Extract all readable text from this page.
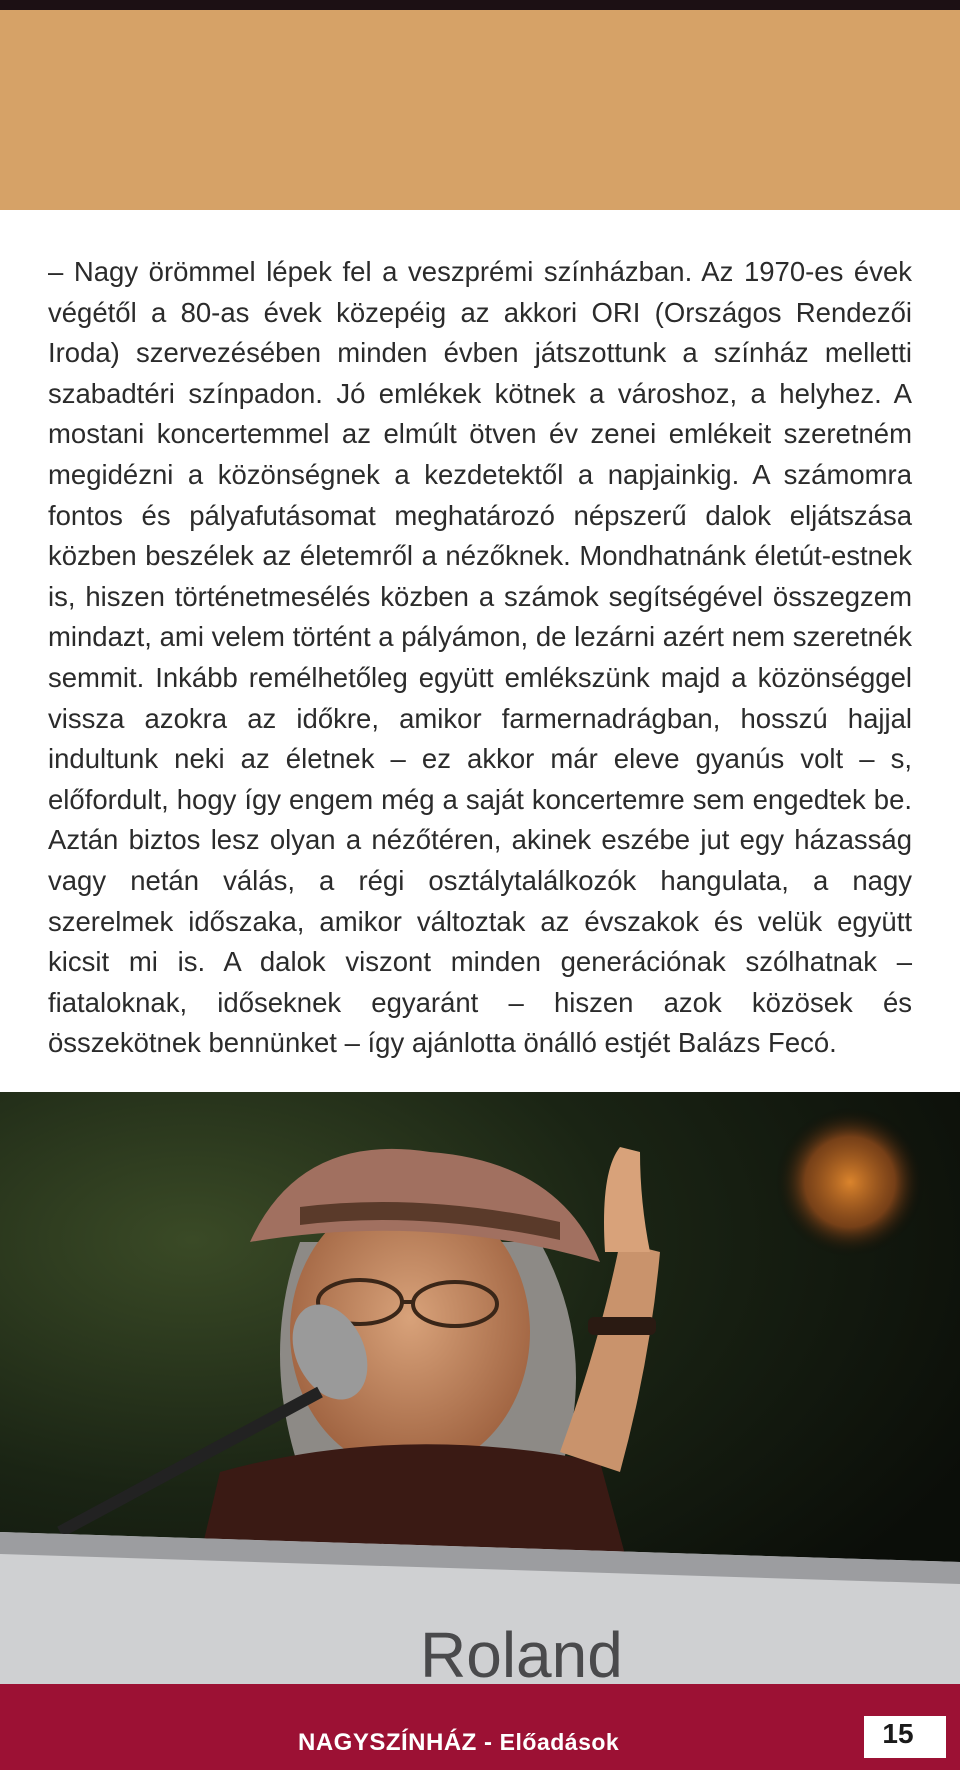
– Nagy örömmel lépek fel a veszprémi színházban. Az 1970-es évek végétől a 80-as évek közepéig az akkori ORI (Országos Rendezői Iroda) szervezésében minden évben játszottunk a színház melletti szabadtéri színpadon. Jó emlékek kötnek a városhoz, a helyhez. A mostani koncertemmel az elmúlt ötven év zenei emlékeit szeretném megidézni a közönségnek a kezdetektől a napjainkig. A számomra fontos és pályafutásomat meghatározó népszerű dalok eljátszása közben beszélek az életemről a nézőknek. Mondhatnánk életút-estnek is, hiszen történetmesélés közben a számok segítségével összegzem mindazt, ami velem történt a pályámon, de lezárni azért nem szeretnék semmit. Inkább remélhetőleg együtt emlékszünk majd a közönséggel vissza azokra az időkre, amikor farmernadrágban, hosszú hajjal indultunk neki az életnek – ez akkor már eleve gyanús volt – s, előfordult, hogy így engem még a saját koncertemre sem engedtek be. Aztán biztos lesz olyan a nézőtéren, akinek eszébe jut egy házasság vagy netán válás, a régi osztálytalálkozók hangulata, a nagy szerelmek időszaka, amikor változtak az évszakok és velük együtt kicsit mi is. A dalok viszont minden generációnak szólhatnak – fiataloknak, időseknek egyaránt – hiszen azok közösek és összekötnek bennünket – így ajánlotta önálló estjét Balázs Fecó.

Roland
NAGYSZÍNHÁZ - Előadások	15
